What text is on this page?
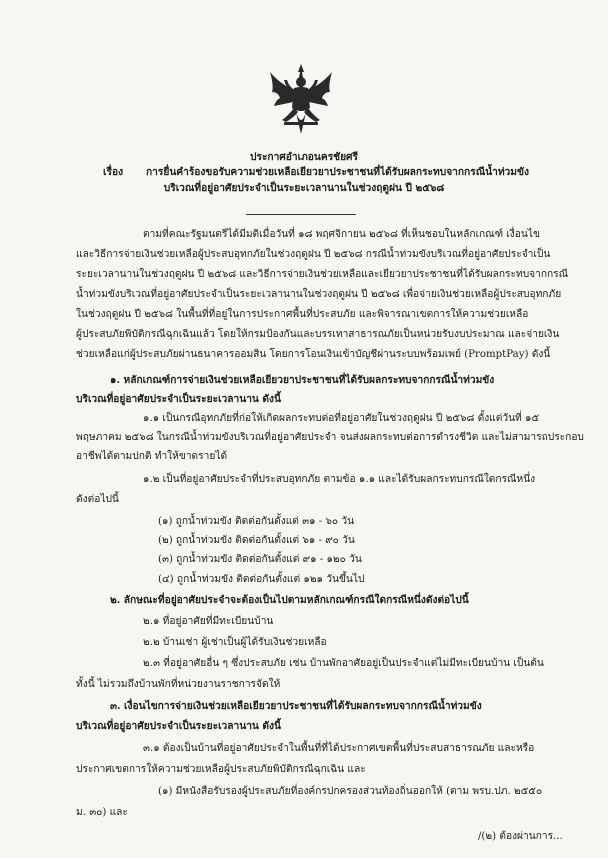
ประกาศอำเภอนครชัยศรี
เรื่อง การยื่นคำร้องขอรับความช่วยเหลือเยียวยาประชาชนที่ได้รับผลกระทบจากกรณีน้ำท่วมขัง
บริเวณที่อยู่อาศัยประจำเป็นระยะเวลานานในช่วงฤดูฝน ปี ๒๕๖๘
ตามที่คณะรัฐมนตรีได้มีมติเมื่อวันที่ ๑๘ พฤศจิกายน ๒๕๖๘ ที่เห็นชอบในหลักเกณฑ์ เงื่อนไข
และวิธีการจ่ายเงินช่วยเหลือผู้ประสบอุทกภัยในช่วงฤดูฝน ปี ๒๕๖๘ กรณีน้ำท่วมขังบริเวณที่อยู่อาศัยประจำเป็น
ระยะเวลานานในช่วงฤดูฝน ปี ๒๕๖๘ และวิธีการจ่ายเงินช่วยเหลือและเยียวยาประชาชนที่ได้รับผลกระทบจากกรณี
น้ำท่วมขังบริเวณที่อยู่อาศัยประจำเป็นระยะเวลานานในช่วงฤดูฝน ปี ๒๕๖๘ เพื่อจ่ายเงินช่วยเหลือผู้ประสบอุทกภัย
ในช่วงฤดูฝน ปี ๒๕๖๘ ในพื้นที่ที่อยู่ในการประกาศพื้นที่ประสบภัย และพิจารณาเขตการให้ความช่วยเหลือ
ผู้ประสบภัยพิบัติกรณีฉุกเฉินแล้ว โดยให้กรมป้องกันและบรรเทาสาธารณภัยเป็นหน่วยรับงบประมาณ และจ่ายเงิน
ช่วยเหลือแก่ผู้ประสบภัยผ่านธนาคารออมสิน โดยการโอนเงินเข้าบัญชีผ่านระบบพร้อมเพย์ (PromptPay) ดังนี้
๑. หลักเกณฑ์การจ่ายเงินช่วยเหลือเยียวยาประชาชนที่ได้รับผลกระทบจากกรณีน้ำท่วมขัง
บริเวณที่อยู่อาศัยประจำเป็นระยะเวลานาน ดังนี้
๑.๑ เป็นกรณีอุทกภัยที่ก่อให้เกิดผลกระทบต่อที่อยู่อาศัยในช่วงฤดูฝน ปี ๒๕๖๘ ตั้งแต่วันที่ ๑๕
พฤษภาคม ๒๕๖๘ ในกรณีน้ำท่วมขังบริเวณที่อยู่อาศัยประจำ จนส่งผลกระทบต่อการดำรงชีวิต และไม่สามารถประกอบ
อาชีพได้ตามปกติ ทำให้ขาดรายได้
๑.๒ เป็นที่อยู่อาศัยประจำที่ประสบอุทกภัย ตามข้อ ๑.๑ และได้รับผลกระทบกรณีใดกรณีหนึ่ง
ดังต่อไปนี้
(๑) ถูกน้ำท่วมขัง ติดต่อกันตั้งแต่ ๓๑ - ๖๐ วัน
(๒) ถูกน้ำท่วมขัง ติดต่อกันตั้งแต่ ๖๑ - ๙๐ วัน
(๓) ถูกน้ำท่วมขัง ติดต่อกันตั้งแต่ ๙๑ - ๑๒๐ วัน
(๔) ถูกน้ำท่วมขัง ติดต่อกันตั้งแต่ ๑๒๑ วันขึ้นไป
๒. ลักษณะที่อยู่อาศัยประจำจะต้องเป็นไปตามหลักเกณฑ์กรณีใดกรณีหนึ่งดังต่อไปนี้
๒.๑ ที่อยู่อาศัยที่มีทะเบียนบ้าน
๒.๒ บ้านเช่า ผู้เช่าเป็นผู้ได้รับเงินช่วยเหลือ
๒.๓ ที่อยู่อาศัยอื่น ๆ ซึ่งประสบภัย เช่น บ้านพักอาศัยอยู่เป็นประจำแต่ไม่มีทะเบียนบ้าน เป็นต้น
ทั้งนี้ ไม่รวมถึงบ้านพักที่หน่วยงานราชการจัดให้
๓. เงื่อนไขการจ่ายเงินช่วยเหลือเยียวยาประชาชนที่ได้รับผลกระทบจากกรณีน้ำท่วมขัง
บริเวณที่อยู่อาศัยประจำเป็นระยะเวลานาน ดังนี้
๓.๑ ต้องเป็นบ้านที่อยู่อาศัยประจำในพื้นที่ที่ได้ประกาศเขตพื้นที่ประสบสาธารณภัย และหรือ
ประกาศเขตการให้ความช่วยเหลือผู้ประสบภัยพิบัติกรณีฉุกเฉิน และ
(๑) มีหนังสือรับรองผู้ประสบภัยที่องค์กรปกครองส่วนท้องถิ่นออกให้ (ตาม พรบ.ปภ. ๒๕๕๐
ม. ๓๐) และ
/(๒) ต้องผ่านการ...
